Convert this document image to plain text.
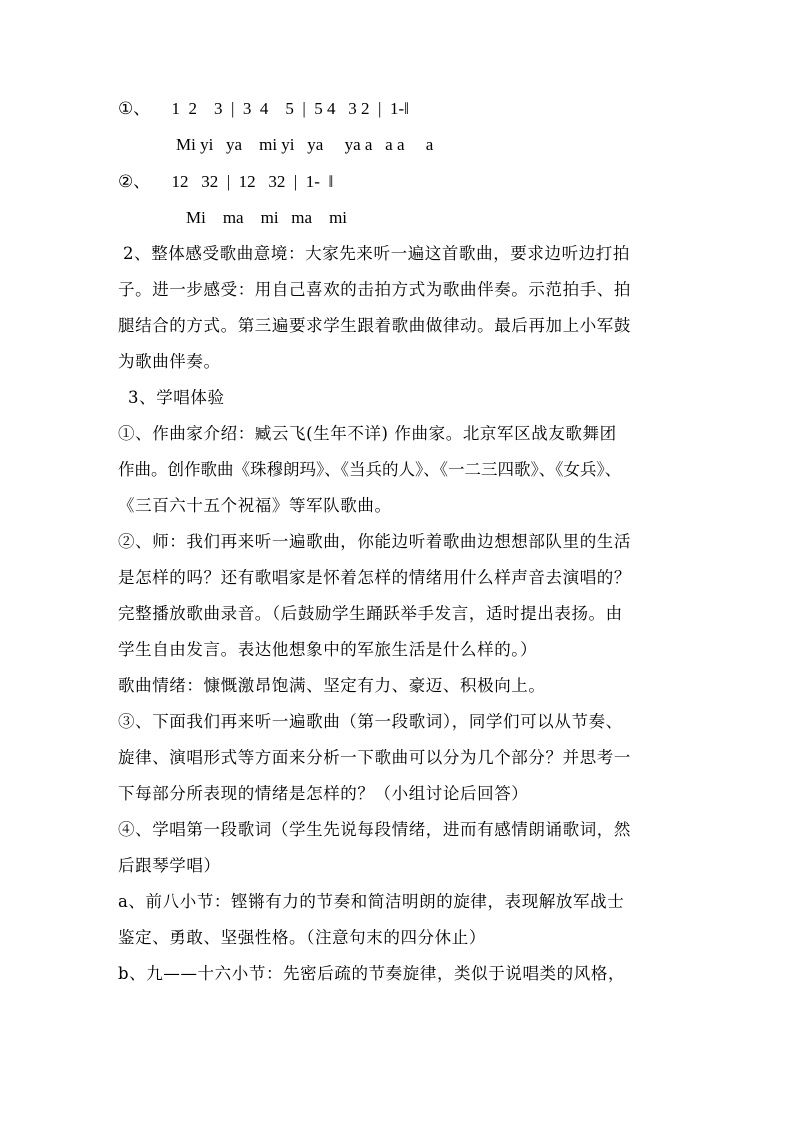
①、     1  2    3  |  3  4    5  |  5 4   3 2  |  1-‖
Mi yi   ya    mi yi   ya     ya a   a a     a
②、     12   32  |  12   32  |  1-  ‖
Mi    ma    mi   ma    mi
2、整体感受歌曲意境：大家先来听一遍这首歌曲，要求边听边打拍
子。进一步感受：用自己喜欢的击拍方式为歌曲伴奏。示范拍手、拍
腿结合的方式。第三遍要求学生跟着歌曲做律动。最后再加上小军鼓
为歌曲伴奏。
3、学唱体验
①、作曲家介绍：臧云飞(生年不详) 作曲家。北京军区战友歌舞团
作曲。创作歌曲《珠穆朗玛》、《当兵的人》、《一二三四歌》、《女兵》、
《三百六十五个祝福》等军队歌曲。
②、师：我们再来听一遍歌曲，你能边听着歌曲边想想部队里的生活
是怎样的吗？还有歌唱家是怀着怎样的情绪用什么样声音去演唱的？
完整播放歌曲录音。（后鼓励学生踊跃举手发言，适时提出表扬。由
学生自由发言。表达他想象中的军旅生活是什么样的。）
歌曲情绪：慷慨激昂饱满、坚定有力、豪迈、积极向上。
③、下面我们再来听一遍歌曲（第一段歌词），同学们可以从节奏、
旋律、演唱形式等方面来分析一下歌曲可以分为几个部分？并思考一
下每部分所表现的情绪是怎样的？（小组讨论后回答）
④、学唱第一段歌词（学生先说每段情绪，进而有感情朗诵歌词，然
后跟琴学唱）
a、前八小节：铿锵有力的节奏和简洁明朗的旋律，表现解放军战士
鉴定、勇敢、坚强性格。（注意句末的四分休止）
b、九——十六小节：先密后疏的节奏旋律，类似于说唱类的风格，
